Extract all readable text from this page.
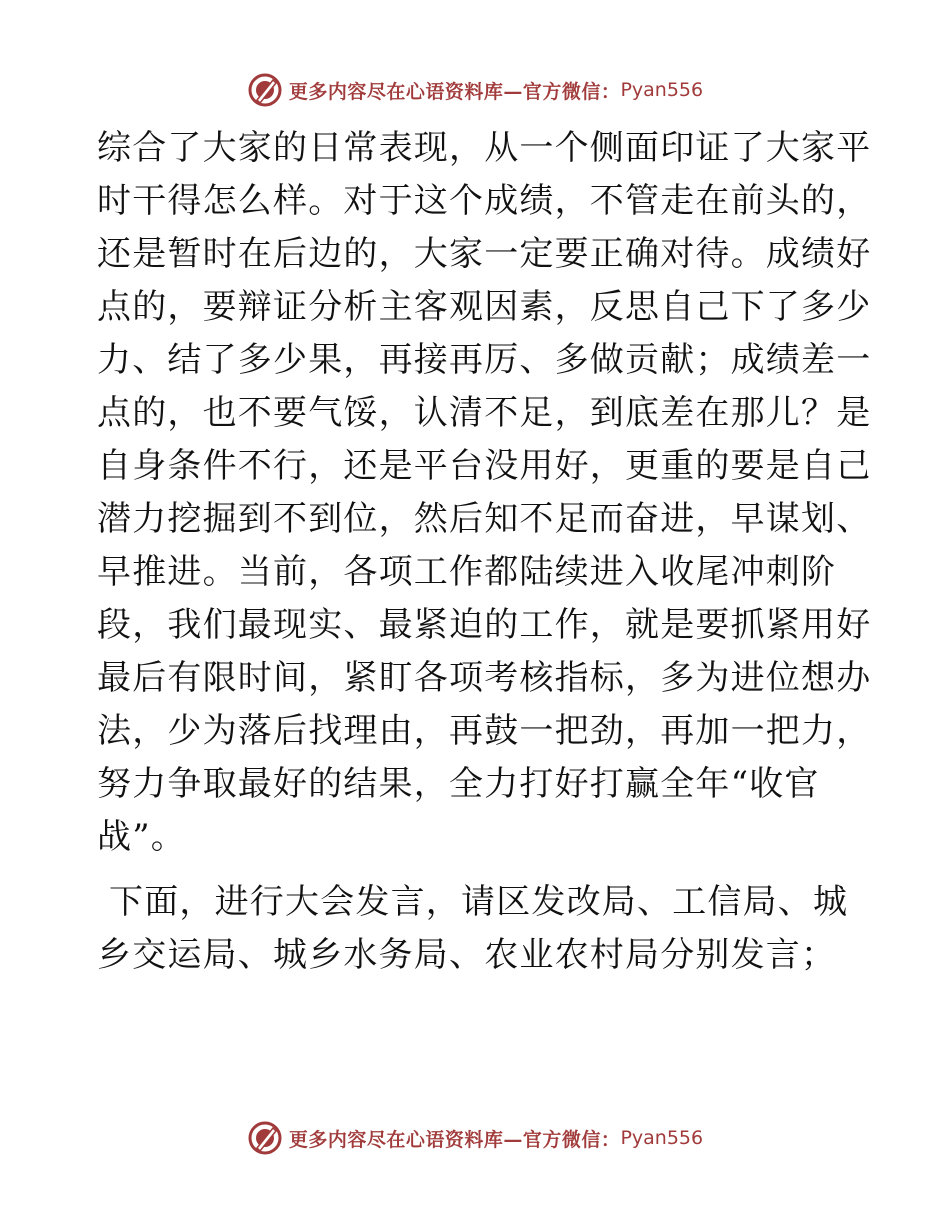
更多内容尽在心语资料库— 官方微信： Pyan556
综合了大家的日常表现，从一个侧面印证了大家平
时干得怎么样。对于这个成绩，不管走在前头的，
还是暂时在后边的，大家一定要正确对待。成绩好
点的，要辩证分析主客观因素，反思自己下了多少
力、结了多少果，再接再厉、多做贡献；成绩差一
点的，也不要气馁，认清不足，到底差在那儿？是
自身条件不行，还是平台没用好，更重的要是自己
潜力挖掘到不到位，然后知不足而奋进，早谋划、
早推进。当前，各项工作都陆续进入收尾冲刺阶
段，我们最现实、最紧迫的工作，就是要抓紧用好
最后有限时间，紧盯各项考核指标，多为进位想办
法，少为落后找理由，再鼓一把劲，再加一把力，
努力争取最好的结果，全力打好打赢全年“收官
战”。
下面，进行大会发言，请区发改局、工信局、城
乡交运局、城乡水务局、农业农村局分别发言；
更多内容尽在心语资料库— 官方微信： Pyan556
